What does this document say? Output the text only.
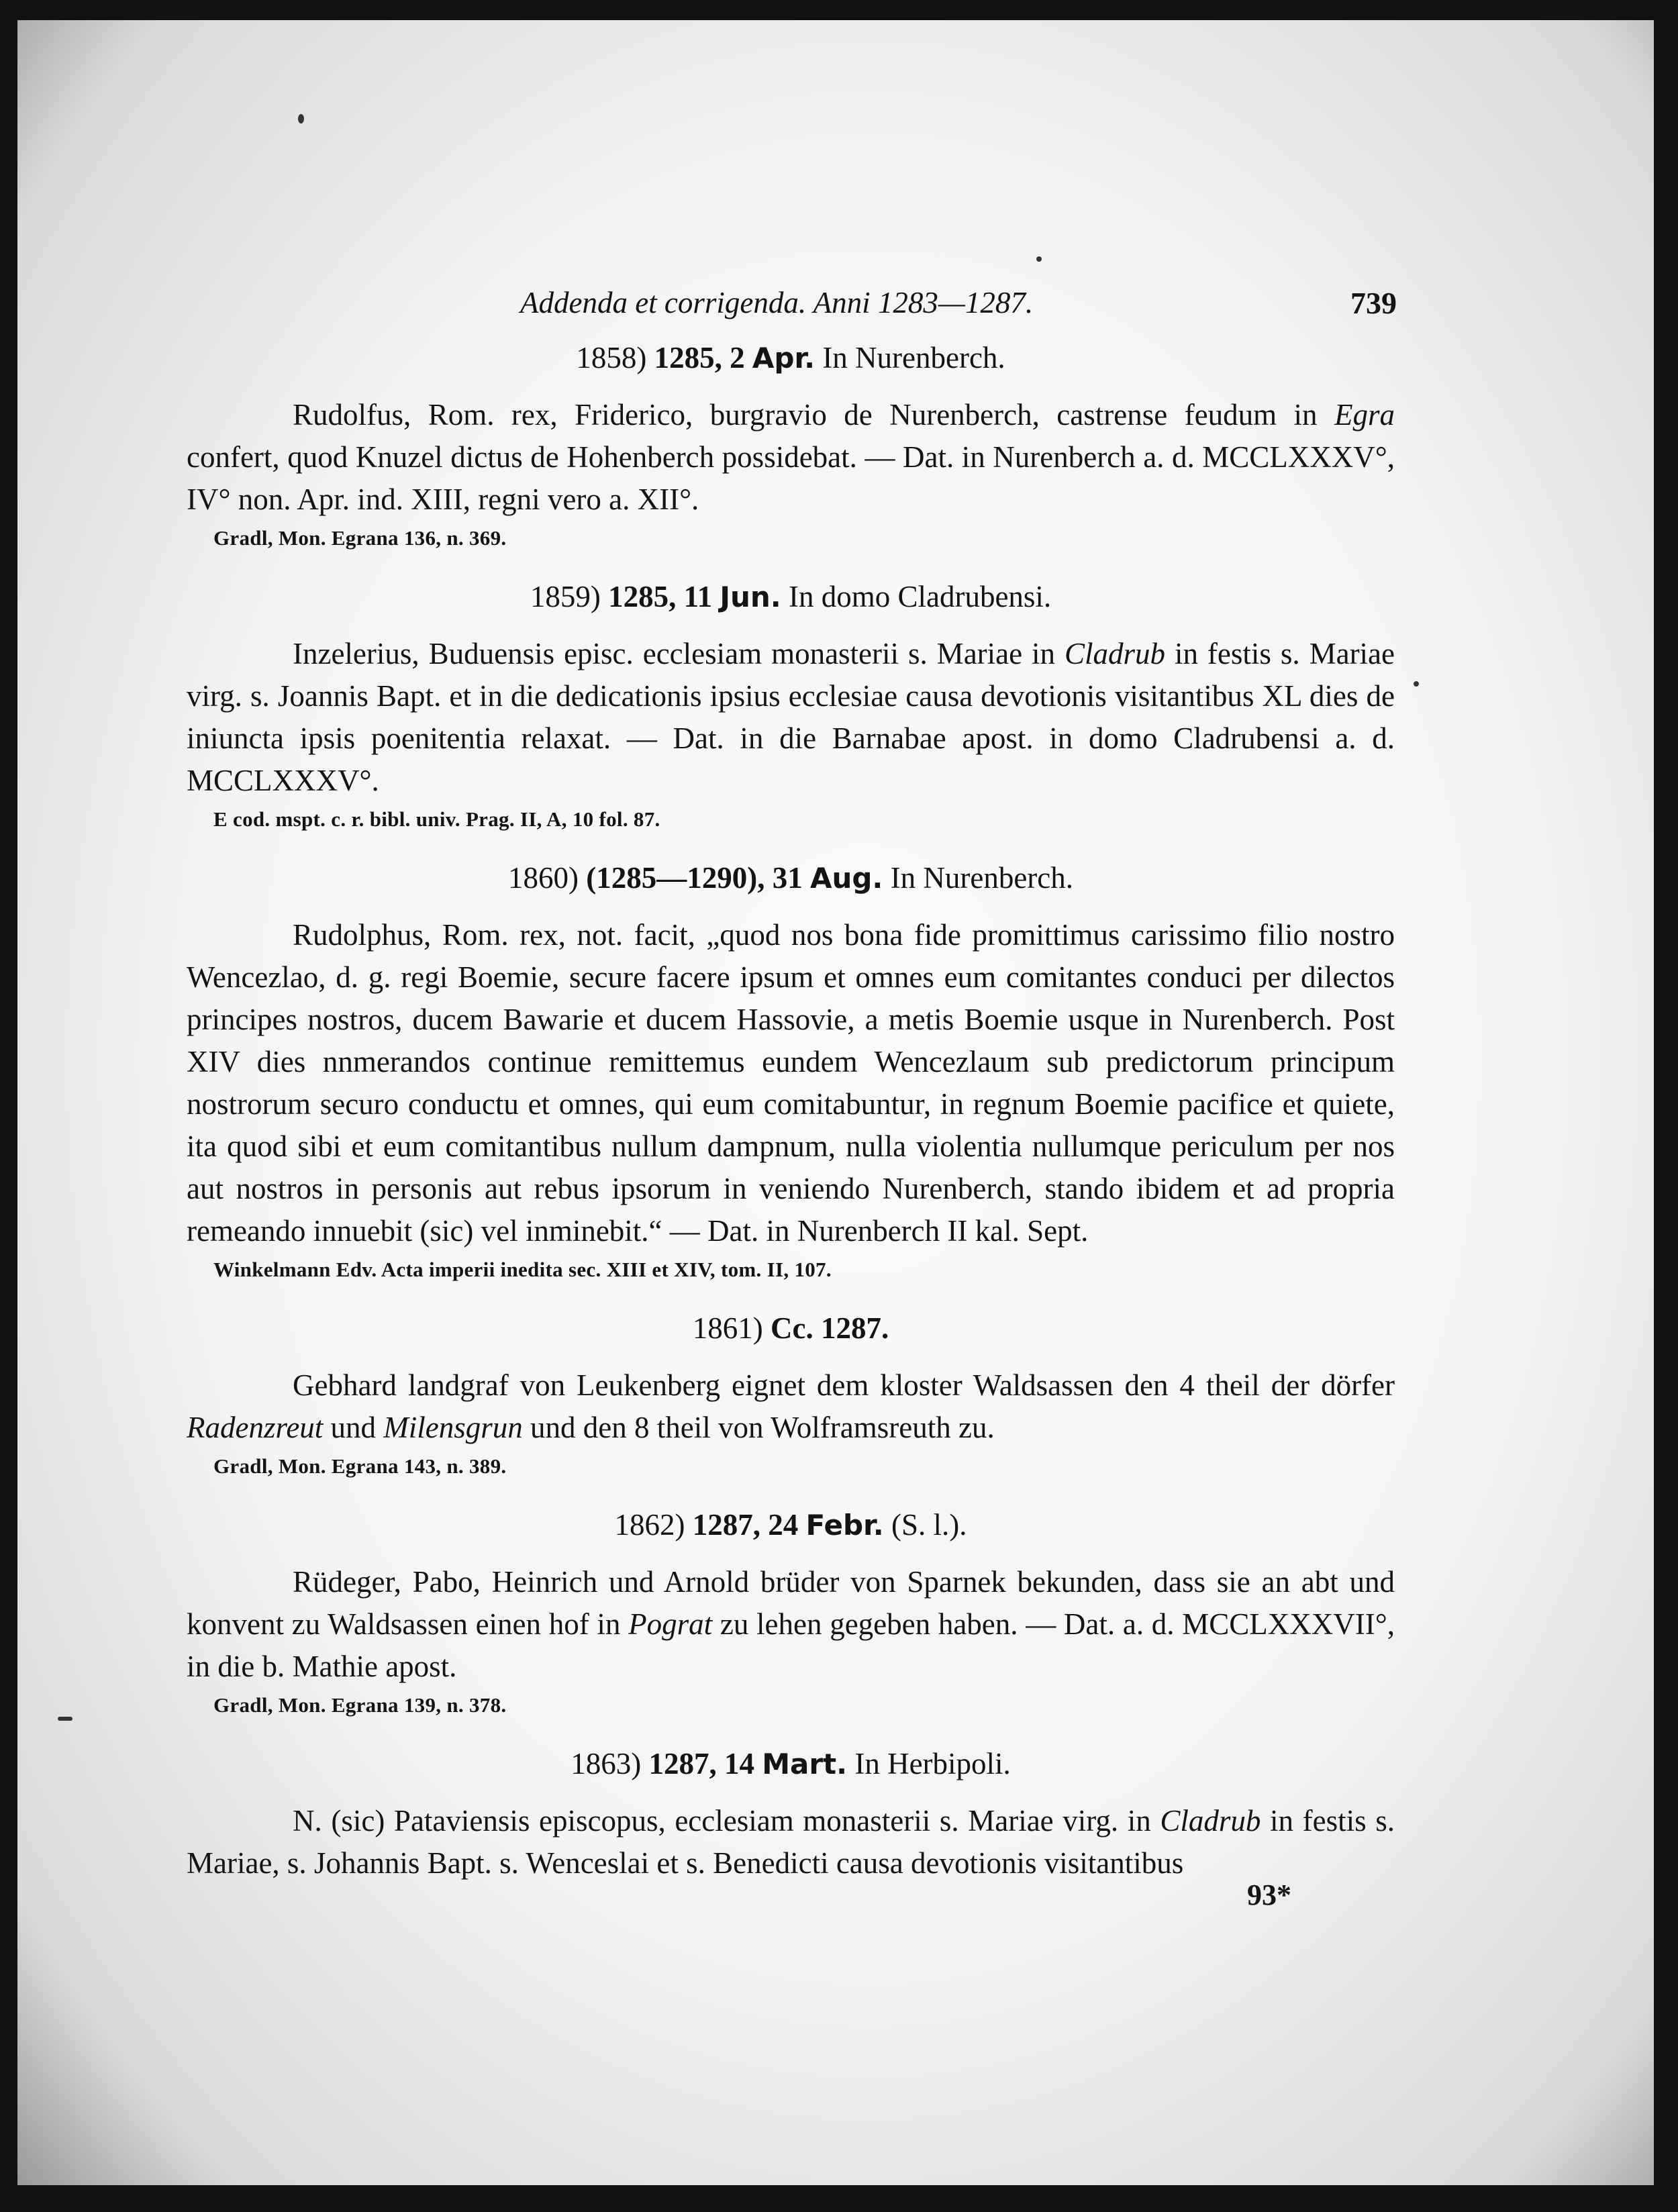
Addenda et corrigenda. Anni 1283—1287.	739
1858) 1285, 2 Apr. In Nurenberch.

Rudolfus, Rom. rex, Friderico, burgravio de Nurenberch, castrense feudum in Egra confert, quod Knuzel dictus de Hohenberch possidebat. — Dat. in Nurenberch a. d. MCCLXXXV°, IV° non. Apr. ind. XIII, regni vero a. XII°.

Gradl, Mon. Egrana 136, n. 369.
1859) 1285, 11 Jun. In domo Cladrubensi.

Inzelerius, Buduensis episc. ecclesiam monasterii s. Mariae in Cladrub in festis s. Mariae virg. s. Joannis Bapt. et in die dedicationis ipsius ecclesiae causa devotionis visitantibus XL dies de iniuncta ipsis poenitentia relaxat. — Dat. in die Barnabae apost. in domo Cladrubensi a. d. MCCLXXXV°.

E cod. mspt. c. r. bibl. univ. Prag. II, A, 10 fol. 87.
1860) (1285—1290), 31 Aug. In Nurenberch.

Rudolphus, Rom. rex, not. facit, „quod nos bona fide promittimus carissimo filio nostro Wencezlao, d. g. regi Boemie, secure facere ipsum et omnes eum comitantes conduci per dilectos principes nostros, ducem Bawarie et ducem Hassovie, a metis Boemie usque in Nurenberch. Post XIV dies nnmerandos continue remittemus eundem Wencezlaum sub predictorum principum nostrorum securo conductu et omnes, qui eum comitabuntur, in regnum Boemie pacifice et quiete, ita quod sibi et eum comitantibus nullum dampnum, nulla violentia nullumque periculum per nos aut nostros in personis aut rebus ipsorum in veniendo Nurenberch, stando ibidem et ad propria remeando innuebit (sic) vel inminebit.“ — Dat. in Nurenberch II kal. Sept.

Winkelmann Edv. Acta imperii inedita sec. XIII et XIV, tom. II, 107.
1861) Cc. 1287.

Gebhard landgraf von Leukenberg eignet dem kloster Waldsassen den 4 theil der dörfer Radenzreut und Milensgrun und den 8 theil von Wolframsreuth zu.

Gradl, Mon. Egrana 143, n. 389.
1862) 1287, 24 Febr. (S. l.).

Rüdeger, Pabo, Heinrich und Arnold brüder von Sparnek bekunden, dass sie an abt und konvent zu Waldsassen einen hof in Pograt zu lehen gegeben haben. — Dat. a. d. MCCLXXXVII°, in die b. Mathie apost.

Gradl, Mon. Egrana 139, n. 378.
1863) 1287, 14 Mart. In Herbipoli.

N. (sic) Pataviensis episcopus, ecclesiam monasterii s. Mariae virg. in Cladrub in festis s. Mariae, s. Johannis Bapt. s. Wenceslai et s. Benedicti causa devotionis visitantibus

93*
